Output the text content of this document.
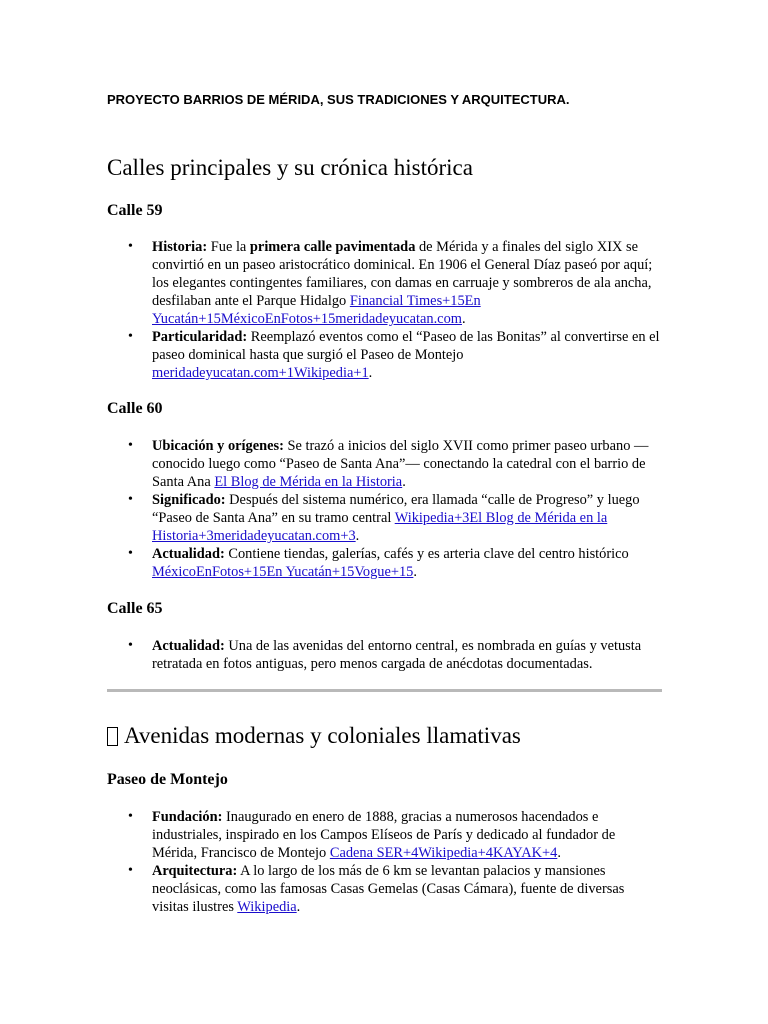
PROYECTO BARRIOS DE MÉRIDA, SUS TRADICIONES Y ARQUITECTURA.
Calles principales y su crónica histórica
Calle 59
• Historia: Fue la primera calle pavimentada de Mérida y a finales del siglo XIX se convirtió en un paseo aristocrático dominical. En 1906 el General Díaz paseó por aquí; los elegantes contingentes familiares, con damas en carruaje y sombreros de ala ancha, desfilaban ante el Parque Hidalgo Financial Times+15En Yucatán+15MéxicoEnFotos+15meridadeyucatan.com.
• Particularidad: Reemplazó eventos como el “Paseo de las Bonitas” al convertirse en el paseo dominical hasta que surgió el Paseo de Montejo meridadeyucatan.com+1Wikipedia+1.
Calle 60
• Ubicación y orígenes: Se trazó a inicios del siglo XVII como primer paseo urbano —conocido luego como “Paseo de Santa Ana”— conectando la catedral con el barrio de Santa Ana El Blog de Mérida en la Historia.
• Significado: Después del sistema numérico, era llamada “calle de Progreso” y luego “Paseo de Santa Ana” en su tramo central Wikipedia+3El Blog de Mérida en la Historia+3meridadeyucatan.com+3.
• Actualidad: Contiene tiendas, galerías, cafés y es arteria clave del centro histórico MéxicoEnFotos+15En Yucatán+15Vogue+15.
Calle 65
• Actualidad: Una de las avenidas del entorno central, es nombrada en guías y vetusta retratada en fotos antiguas, pero menos cargada de anécdotas documentadas.
Avenidas modernas y coloniales llamativas
Paseo de Montejo
• Fundación: Inaugurado en enero de 1888, gracias a numerosos hacendados e industriales, inspirado en los Campos Elíseos de París y dedicado al fundador de Mérida, Francisco de Montejo Cadena SER+4Wikipedia+4KAYAK+4.
• Arquitectura: A lo largo de los más de 6 km se levantan palacios y mansiones neoclásicas, como las famosas Casas Gemelas (Casas Cámara), fuente de diversas visitas ilustres Wikipedia.
